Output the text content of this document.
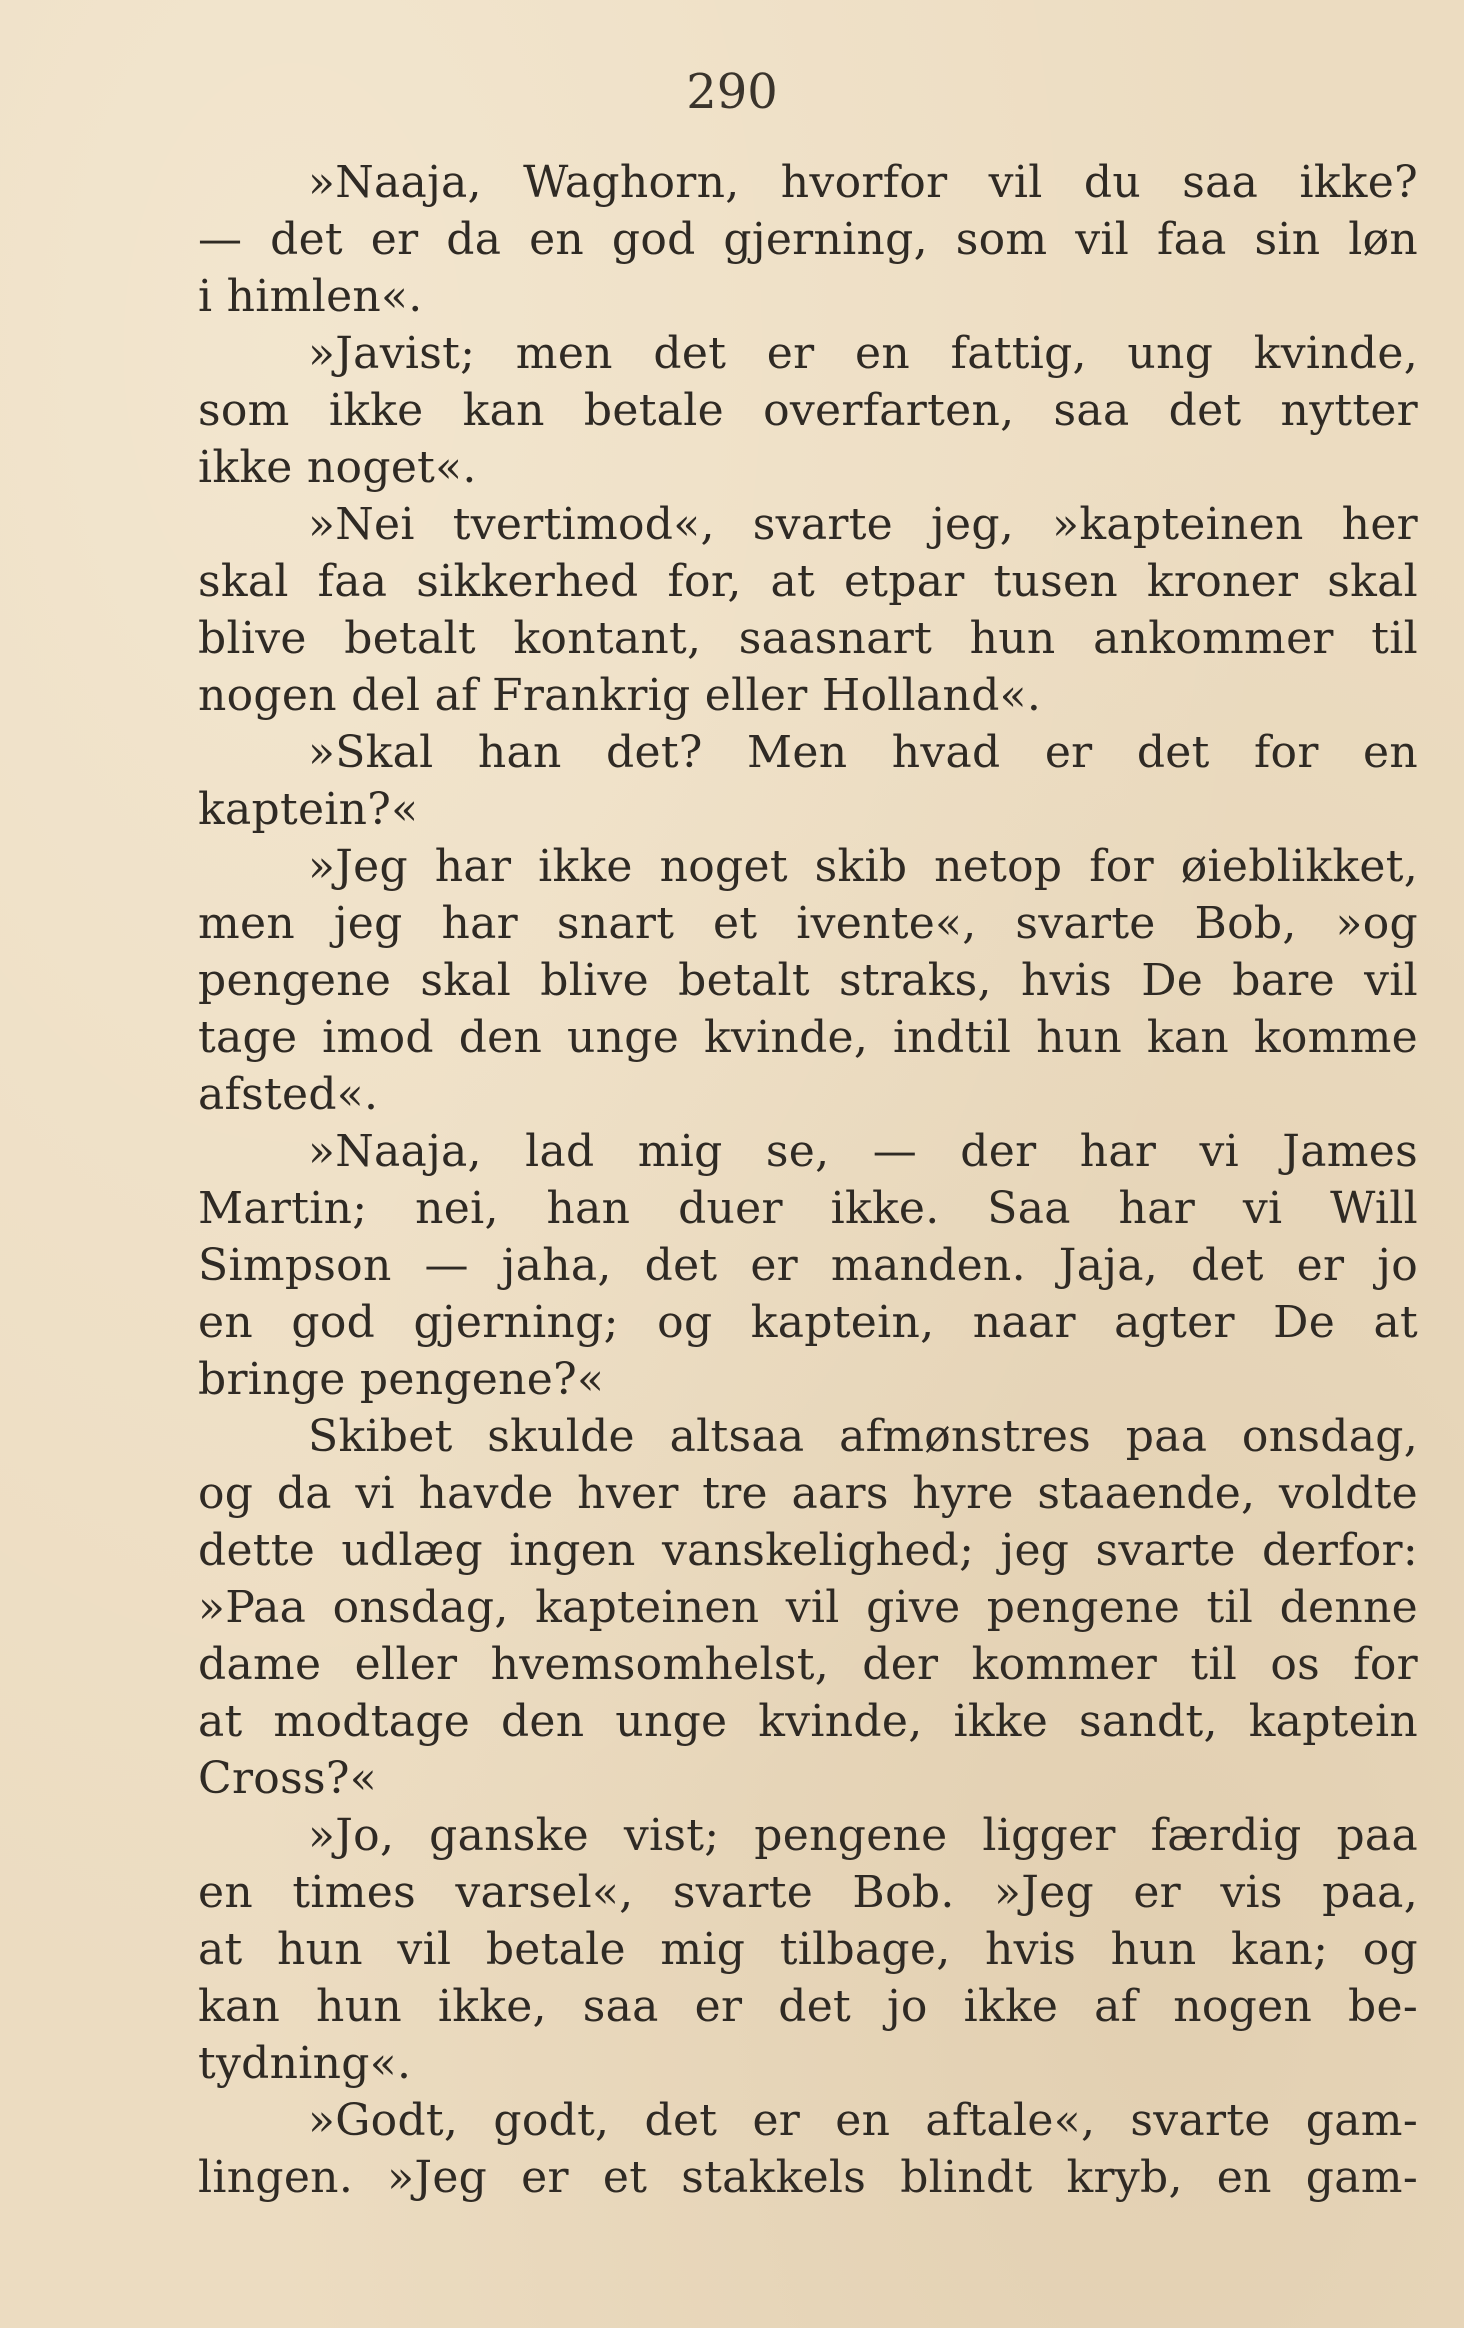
290
»Naaja, Waghorn, hvorfor vil du saa ikke?
— det er da en god gjerning, som vil faa sin løn
i himlen«.
»Javist; men det er en fattig, ung kvinde,
som ikke kan betale overfarten, saa det nytter
ikke noget«.
»Nei tvertimod«, svarte jeg, »kapteinen her
skal faa sikkerhed for, at etpar tusen kroner skal
blive betalt kontant, saasnart hun ankommer til
nogen del af Frankrig eller Holland«.
»Skal han det? Men hvad er det for en
kaptein?«
»Jeg har ikke noget skib netop for øieblikket,
men jeg har snart et ivente«, svarte Bob, »og
pengene skal blive betalt straks, hvis De bare vil
tage imod den unge kvinde, indtil hun kan komme
afsted«.
»Naaja, lad mig se, — der har vi James
Martin; nei, han duer ikke. Saa har vi Will
Simpson — jaha, det er manden. Jaja, det er jo
en god gjerning; og kaptein, naar agter De at
bringe pengene?«
Skibet skulde altsaa afmønstres paa onsdag,
og da vi havde hver tre aars hyre staaende, voldte
dette udlæg ingen vanskelighed; jeg svarte derfor:
»Paa onsdag, kapteinen vil give pengene til denne
dame eller hvemsomhelst, der kommer til os for
at modtage den unge kvinde, ikke sandt, kaptein
Cross?«
»Jo, ganske vist; pengene ligger færdig paa
en times varsel«, svarte Bob. »Jeg er vis paa,
at hun vil betale mig tilbage, hvis hun kan; og
kan hun ikke, saa er det jo ikke af nogen be-
tydning«.
»Godt, godt, det er en aftale«, svarte gam-
lingen. »Jeg er et stakkels blindt kryb, en gam-
